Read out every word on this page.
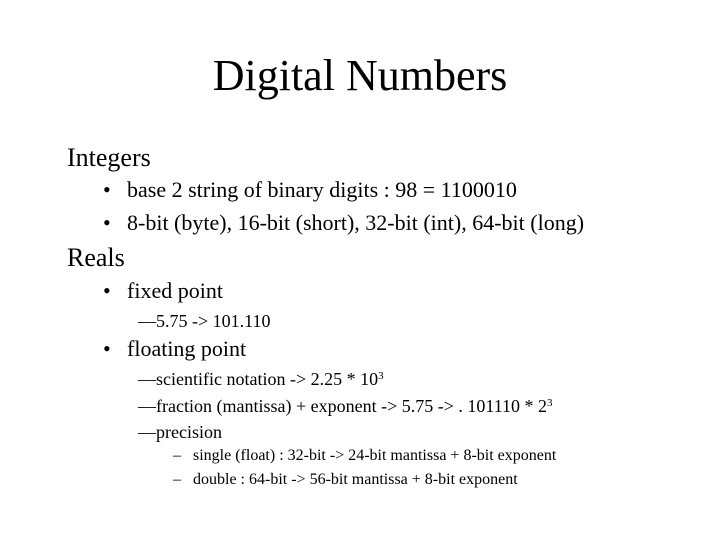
Digital Numbers
Integers
• base 2 string of binary digits : 98 = 1100010
• 8-bit (byte), 16-bit (short), 32-bit (int), 64-bit (long)
Reals
• fixed point
—5.75 -> 101.110
• floating point
—scientific notation -> $2.25 * 10^3$
—fraction (mantissa) + exponent -> 5.75 -> . $101110 * 2^3$
—precision
– single (float) : 32-bit -> 24-bit mantissa + 8-bit exponent
– double : 64-bit -> 56-bit mantissa + 8-bit exponent
